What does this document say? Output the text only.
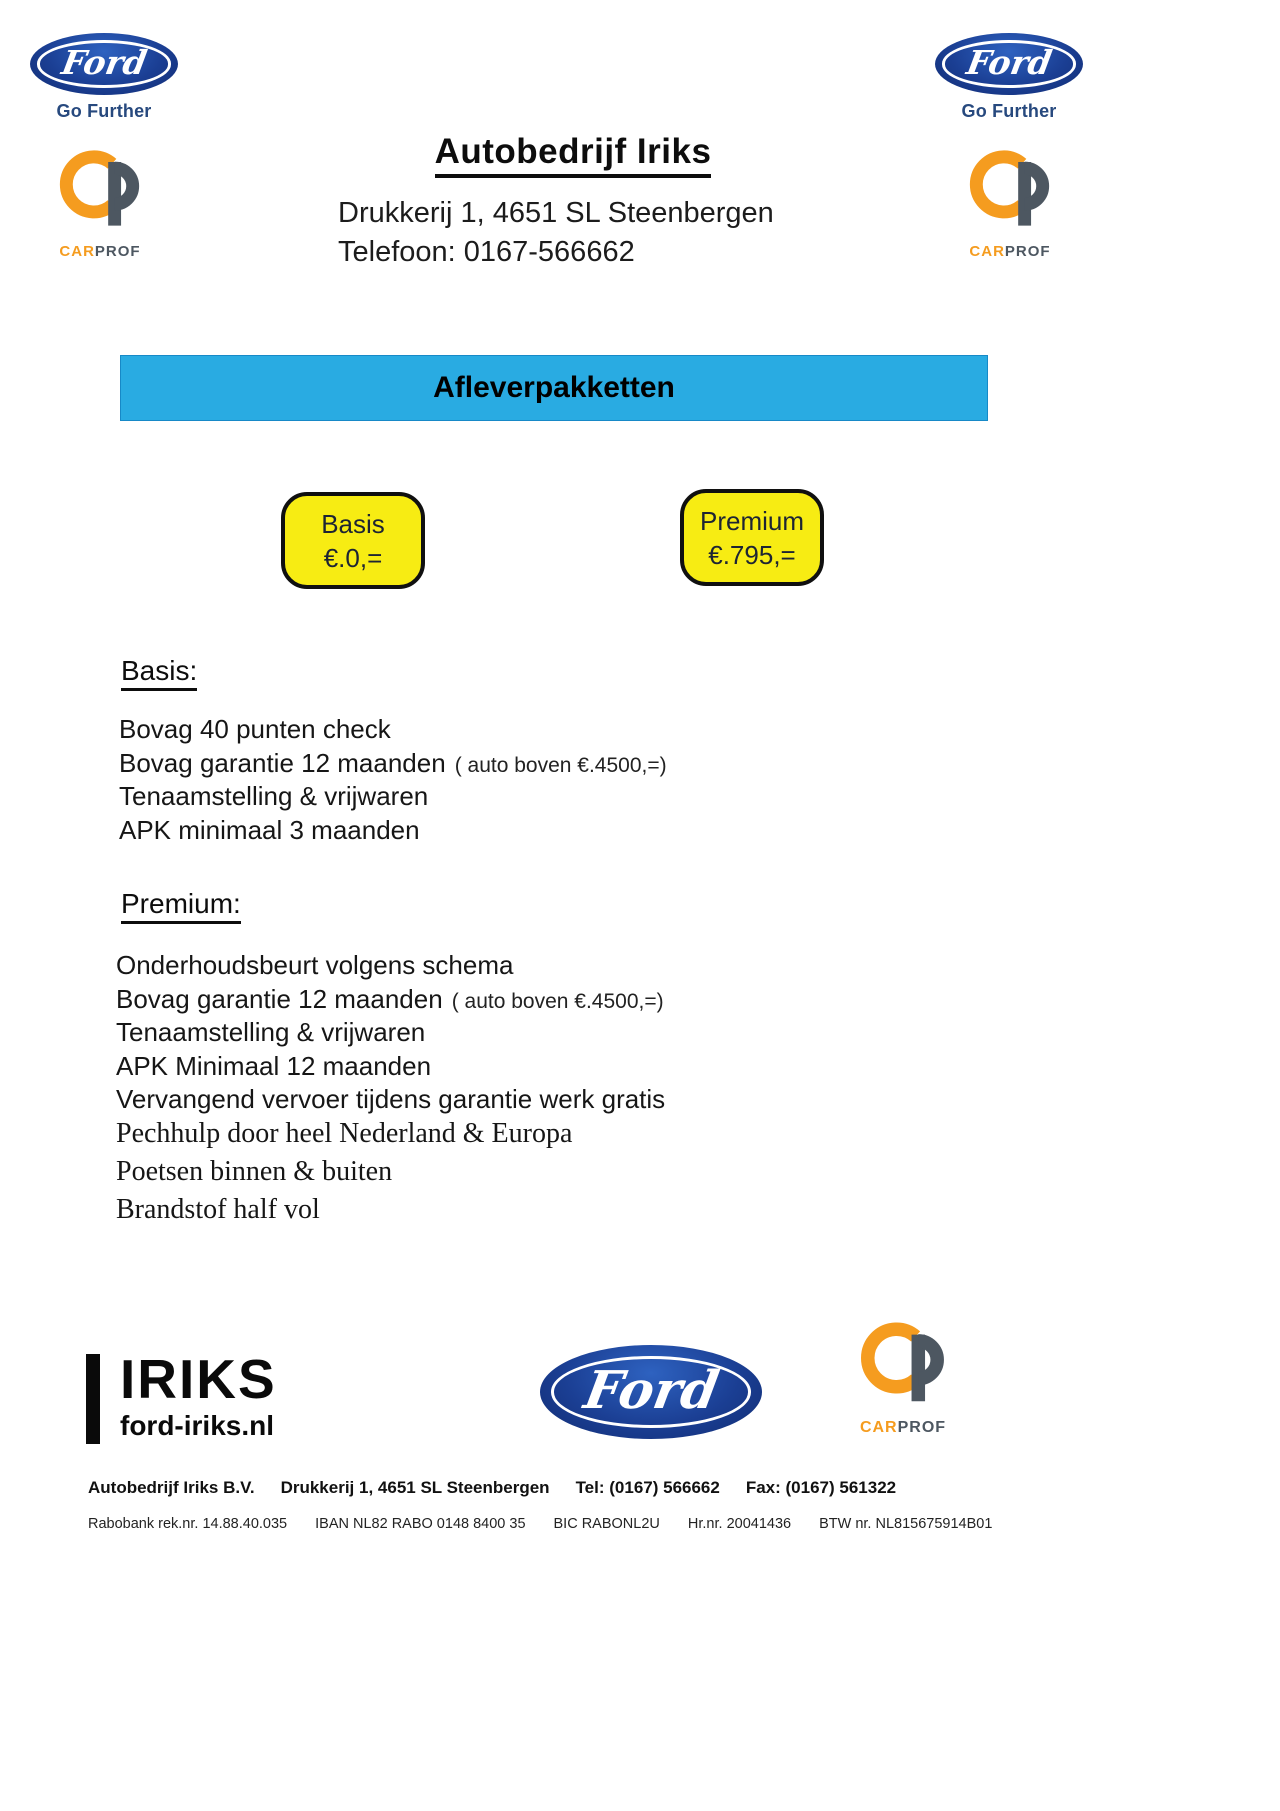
Ford
Go Further
Ford
Go Further
CARPROF	CARPROF
Autobedrijf Iriks
Drukkerij 1, 4651 SL Steenbergen
Telefoon: 0167-566662
Afleverpakketten
Basis
€.0,=
Premium
€.795,=
Basis:
Bovag 40 punten check
Bovag garantie 12 maanden ( auto boven €.4500,=)
Tenaamstelling & vrijwaren
APK minimaal 3 maanden
Premium:
Onderhoudsbeurt volgens schema
Bovag garantie 12 maanden ( auto boven €.4500,=)
Tenaamstelling & vrijwaren
APK Minimaal 12 maanden
Vervangend vervoer tijdens garantie werk gratis
Pechhulp door heel Nederland & Europa
Poetsen binnen & buiten
Brandstof half vol
IRIKS
ford-iriks.nl
Ford
CARPROF
Autobedrijf Iriks B.V. Drukkerij 1, 4651 SL Steenbergen Tel: (0167) 566662 Fax: (0167) 561322
Rabobank rek.nr. 14.88.40.035 IBAN NL82 RABO 0148 8400 35 BIC RABONL2U Hr.nr. 20041436 BTW nr. NL815675914B01
